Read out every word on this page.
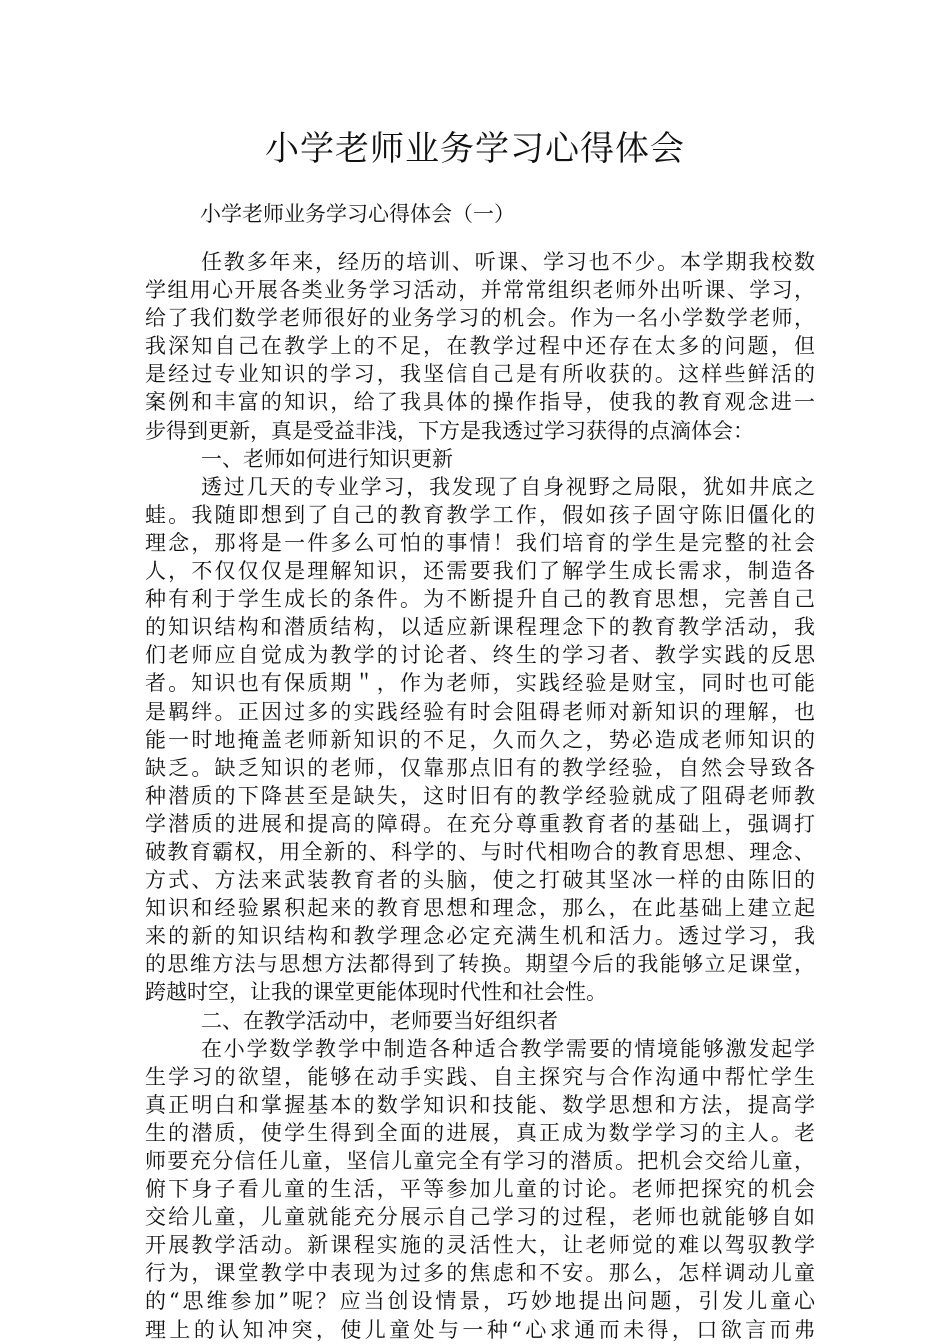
小学老师业务学习心得体会

小学老师业务学习心得体会（一）

任教多年来，经历的培训、听课、学习也不少。本学期我校数
学组用心开展各类业务学习活动，并常常组织老师外出听课、学习，
给了我们数学老师很好的业务学习的机会。作为一名小学数学老师，
我深知自己在教学上的不足，在教学过程中还存在太多的问题，但
是经过专业知识的学习，我坚信自己是有所收获的。这样些鲜活的
案例和丰富的知识，给了我具体的操作指导，使我的教育观念进一
步得到更新，真是受益非浅，下方是我透过学习获得的点滴体会：
一、老师如何进行知识更新
透过几天的专业学习，我发现了自身视野之局限，犹如井底之
蛙。我随即想到了自己的教育教学工作，假如孩子固守陈旧僵化的
理念，那将是一件多么可怕的事情！我们培育的学生是完整的社会
人，不仅仅仅是理解知识，还需要我们了解学生成长需求，制造各
种有利于学生成长的条件。为不断提升自己的教育思想，完善自己
的知识结构和潜质结构，以适应新课程理念下的教育教学活动，我
们老师应自觉成为教学的讨论者、终生的学习者、教学实践的反思
者。知识也有保质期＂，作为老师，实践经验是财宝，同时也可能
是羁绊。正因过多的实践经验有时会阻碍老师对新知识的理解，也
能一时地掩盖老师新知识的不足，久而久之，势必造成老师知识的
缺乏。缺乏知识的老师，仅靠那点旧有的教学经验，自然会导致各
种潜质的下降甚至是缺失，这时旧有的教学经验就成了阻碍老师教
学潜质的进展和提高的障碍。在充分尊重教育者的基础上，强调打
破教育霸权，用全新的、科学的、与时代相吻合的教育思想、理念、
方式、方法来武装教育者的头脑，使之打破其坚冰一样的由陈旧的
知识和经验累积起来的教育思想和理念，那么，在此基础上建立起
来的新的知识结构和教学理念必定充满生机和活力。透过学习，我
的思维方法与思想方法都得到了转换。期望今后的我能够立足课堂，
跨越时空，让我的课堂更能体现时代性和社会性。
二、在教学活动中，老师要当好组织者
在小学数学教学中制造各种适合教学需要的情境能够激发起学
生学习的欲望，能够在动手实践、自主探究与合作沟通中帮忙学生
真正明白和掌握基本的数学知识和技能、数学思想和方法，提高学
生的潜质，使学生得到全面的进展，真正成为数学学习的主人。老
师要充分信任儿童，坚信儿童完全有学习的潜质。把机会交给儿童，
俯下身子看儿童的生活，平等参加儿童的讨论。老师把探究的机会
交给儿童，儿童就能充分展示自己学习的过程，老师也就能够自如
开展教学活动。新课程实施的灵活性大，让老师觉的难以驾驭教学
行为，课堂教学中表现为过多的焦虑和不安。那么，怎样调动儿童
的“思维参加”呢？应当创设情景，巧妙地提出问题，引发儿童心
理上的认知冲突，使儿童处与一种“心求通而未得，口欲言而弗
